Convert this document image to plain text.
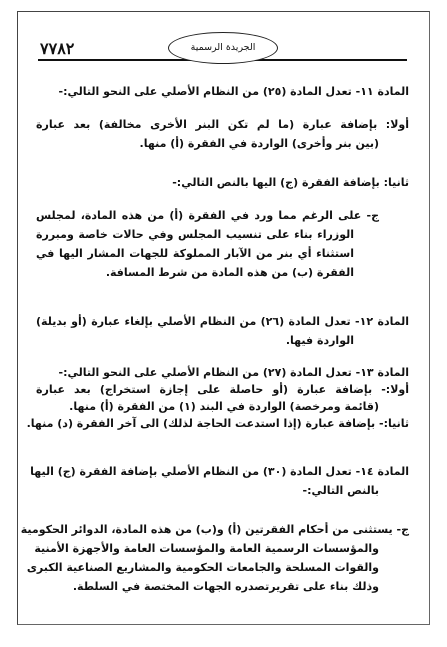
٧٧٨٢	الجريدة الرسمية

المادة ١١- تعدل المادة (٢٥) من النظام الأصلي على النحو التالي:-

أولا: بإضافة عبارة (ما لم تكن البنر الأخرى مخالفة) بعد عبارة

(بين بنر وأخرى) الواردة في الفقرة (أ) منها.

ثانيا: بإضافة الفقرة (ج) اليها بالنص التالي:-

ج- على الرغم مما ورد في الفقرة (أ) من هذه المادة، لمجلس

الوزراء بناء على تنسيب المجلس وفي حالات خاصة ومبررة

استثناء أي بنر من الآبار المملوكة للجهات المشار اليها في

الفقرة (ب) من هذه المادة من شرط المسافة.

المادة ١٢- تعدل المادة (٢٦) من النظام الأصلي بإلغاء عبارة (أو بديلة)

الواردة فيها.

المادة ١٣- تعدل المادة (٢٧) من النظام الأصلي على النحو التالي:-

أولا:- بإضافة عبارة (أو حاصلة على إجازة استخراج) بعد عبارة

(قائمة ومرخصة) الواردة في البند (١) من الفقرة (أ) منها.

ثانيا:- بإضافة عبارة (إذا استدعت الحاجة لذلك) الى آخر الفقرة (د) منها.

المادة ١٤- تعدل المادة (٣٠) من النظام الأصلي بإضافة الفقرة (ج) اليها

بالنص التالي:-

ج- يستثنى من أحكام الفقرتين (أ) و(ب) من هذه المادة، الدوائر الحكومية

والمؤسسات الرسمية العامة والمؤسسات العامة والأجهزة الأمنية

والقوات المسلحة والجامعات الحكومية والمشاريع الصناعية الكبرى

وذلك بناء على تقريرتصدره الجهات المختصة في السلطة.
